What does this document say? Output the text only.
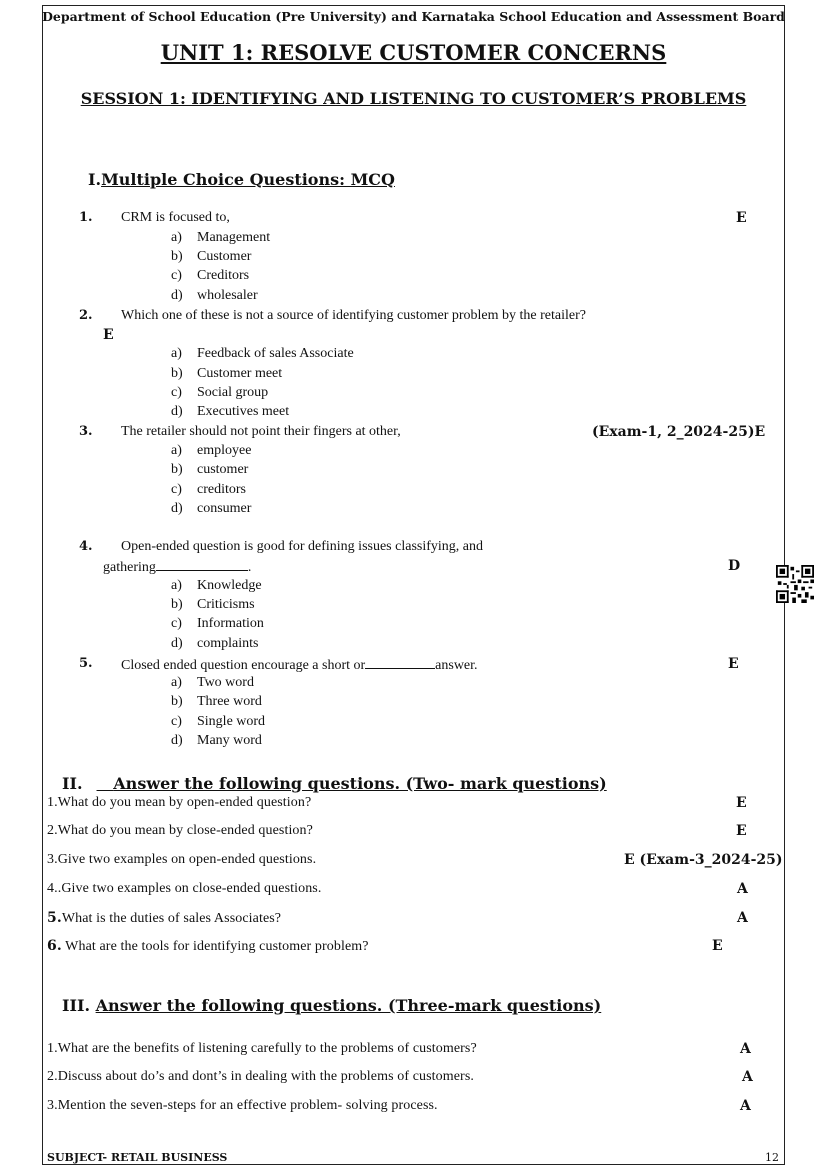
Department of School Education (Pre University) and Karnataka School Education and Assessment Board
UNIT 1: RESOLVE CUSTOMER CONCERNS
SESSION 1: IDENTIFYING AND LISTENING TO CUSTOMER’S PROBLEMS
I.Multiple Choice Questions: MCQ
1. CRM is focused to,	E
a) Management
b) Customer
c) Creditors
d) wholesaler
2. Which one of these is not a source of identifying customer problem by the retailer?
E
a) Feedback of sales Associate
b) Customer meet
c) Social group
d) Executives meet
3. The retailer should not point their fingers at other,	(Exam-1, 2_2024-25)E
a) employee
b) customer
c) creditors
d) consumer
4. Open-ended question is good for defining issues classifying, and
gathering	.	D
a) Knowledge
b) Criticisms
c) Information
d) complaints
5. Closed ended question encourage a short or	answer.	E
a) Two word
b) Three word
c) Single word
d) Many word
II. Answer the following questions. (Two- mark questions)
1.What do you mean by open-ended question?	E
2.What do you mean by close-ended question?	E
3.Give two examples on open-ended questions.	E (Exam-3_2024-25)
4..Give two examples on close-ended questions.	A
5.What is the duties of sales Associates?	A
6. What are the tools for identifying customer problem?	E
III. Answer the following questions. (Three-mark questions)
1.What are the benefits of listening carefully to the problems of customers?	A
2.Discuss about do’s and dont’s in dealing with the problems of customers.	A
3.Mention the seven-steps for an effective problem- solving process.	A
SUBJECT- RETAIL BUSINESS	12
